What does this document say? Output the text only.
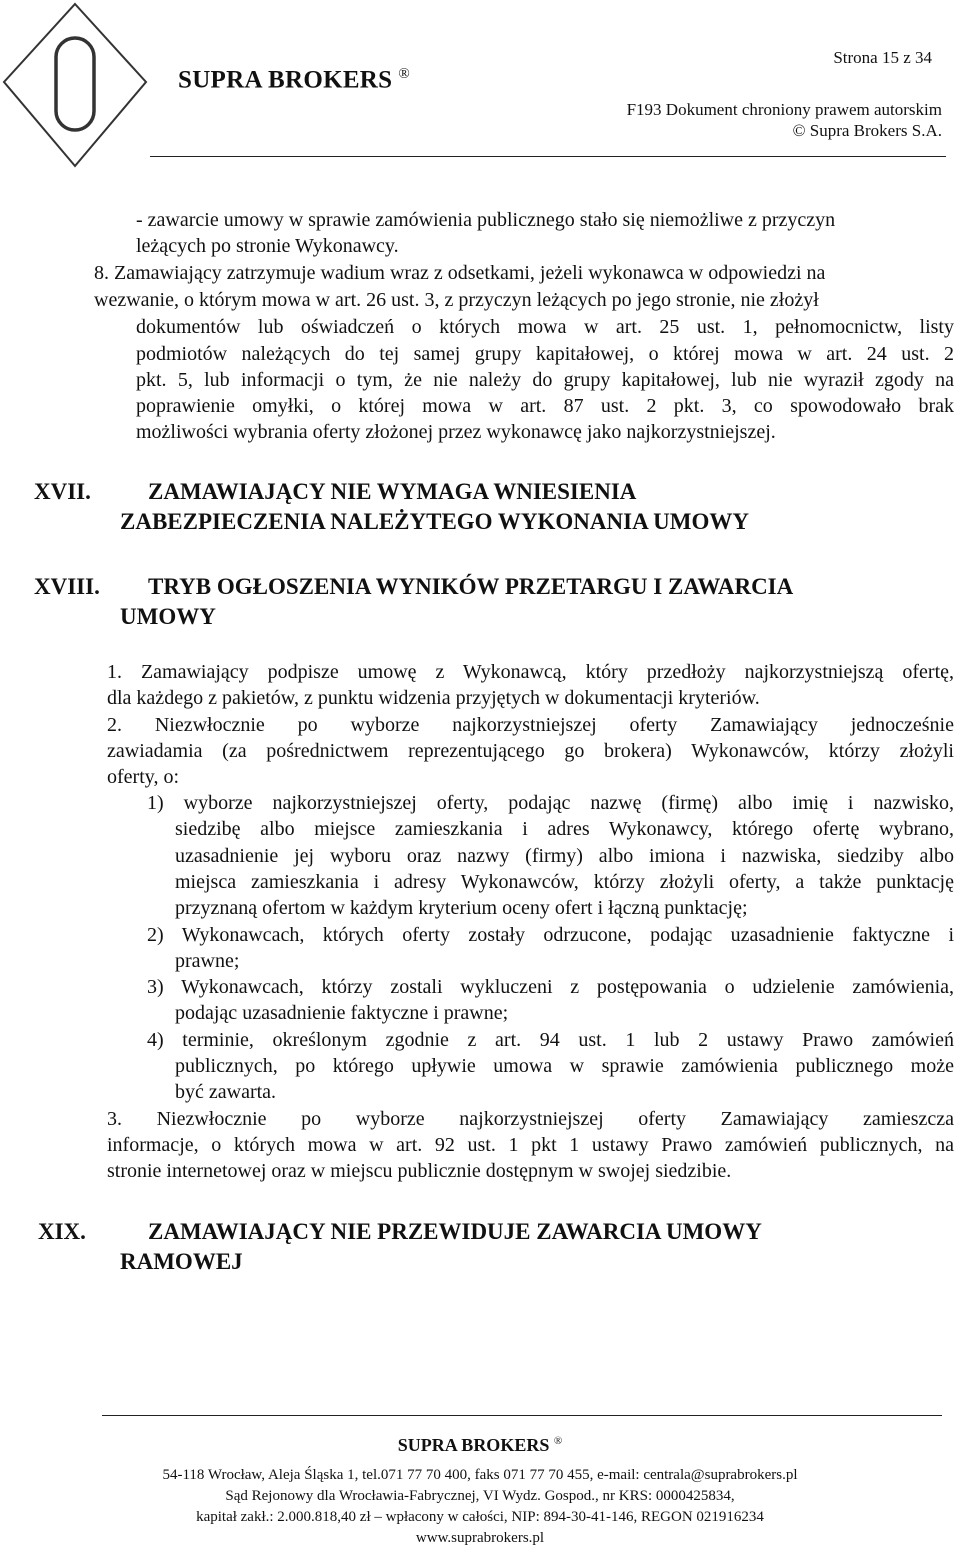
Strona 15 z 34
SUPRA BROKERS ®
F193 Dokument chroniony prawem autorskim
© Supra Brokers S.A.
- zawarcie umowy w sprawie zamówienia publicznego stało się niemożliwe z przyczyn
leżących po stronie Wykonawcy.
8. Zamawiający zatrzymuje wadium wraz z odsetkami, jeżeli wykonawca w odpowiedzi na
wezwanie, o którym mowa w art. 26 ust. 3, z przyczyn leżących po jego stronie, nie złożył
dokumentów lub oświadczeń o których mowa w art. 25 ust. 1, pełnomocnictw, listy
podmiotów należących do tej samej grupy kapitałowej, o której mowa w art. 24 ust. 2
pkt. 5, lub informacji o tym, że nie należy do grupy kapitałowej, lub nie wyraził zgody na
poprawienie omyłki, o której mowa w art. 87 ust. 2 pkt. 3, co spowodowało brak
możliwości wybrania oferty złożonej przez wykonawcę jako najkorzystniejszej.
XVII. ZAMAWIAJĄCY NIE WYMAGA WNIESIENIA
ZABEZPIECZENIA NALEŻYTEGO WYKONANIA UMOWY
XVIII. TRYB OGŁOSZENIA WYNIKÓW PRZETARGU I ZAWARCIA
UMOWY
1. Zamawiający podpisze umowę z Wykonawcą, który przedłoży najkorzystniejszą ofertę,
dla każdego z pakietów, z punktu widzenia przyjętych w dokumentacji kryteriów.
2. Niezwłocznie po wyborze najkorzystniejszej oferty Zamawiający jednocześnie
zawiadamia (za pośrednictwem reprezentującego go brokera) Wykonawców, którzy złożyli
oferty, o:
1) wyborze najkorzystniejszej oferty, podając nazwę (firmę) albo imię i nazwisko,
siedzibę albo miejsce zamieszkania i adres Wykonawcy, którego ofertę wybrano,
uzasadnienie jej wyboru oraz nazwy (firmy) albo imiona i nazwiska, siedziby albo
miejsca zamieszkania i adresy Wykonawców, którzy złożyli oferty, a także punktację
przyznaną ofertom w każdym kryterium oceny ofert i łączną punktację;
2) Wykonawcach, których oferty zostały odrzucone, podając uzasadnienie faktyczne i
prawne;
3) Wykonawcach, którzy zostali wykluczeni z postępowania o udzielenie zamówienia,
podając uzasadnienie faktyczne i prawne;
4) terminie, określonym zgodnie z art. 94 ust. 1 lub 2 ustawy Prawo zamówień
publicznych, po którego upływie umowa w sprawie zamówienia publicznego może
być zawarta.
3. Niezwłocznie po wyborze najkorzystniejszej oferty Zamawiający zamieszcza
informacje, o których mowa w art. 92 ust. 1 pkt 1 ustawy Prawo zamówień publicznych, na
stronie internetowej oraz w miejscu publicznie dostępnym w swojej siedzibie.
XIX.	ZAMAWIAJĄCY NIE PRZEWIDUJE ZAWARCIA UMOWY
RAMOWEJ
SUPRA BROKERS ®
54-118 Wrocław, Aleja Śląska 1, tel.071 77 70 400, faks 071 77 70 455, e-mail: centrala@suprabrokers.pl
Sąd Rejonowy dla Wrocławia-Fabrycznej, VI Wydz. Gospod., nr KRS: 0000425834,
kapitał zakł.: 2.000.818,40 zł – wpłacony w całości, NIP: 894-30-41-146, REGON 021916234
www.suprabrokers.pl
